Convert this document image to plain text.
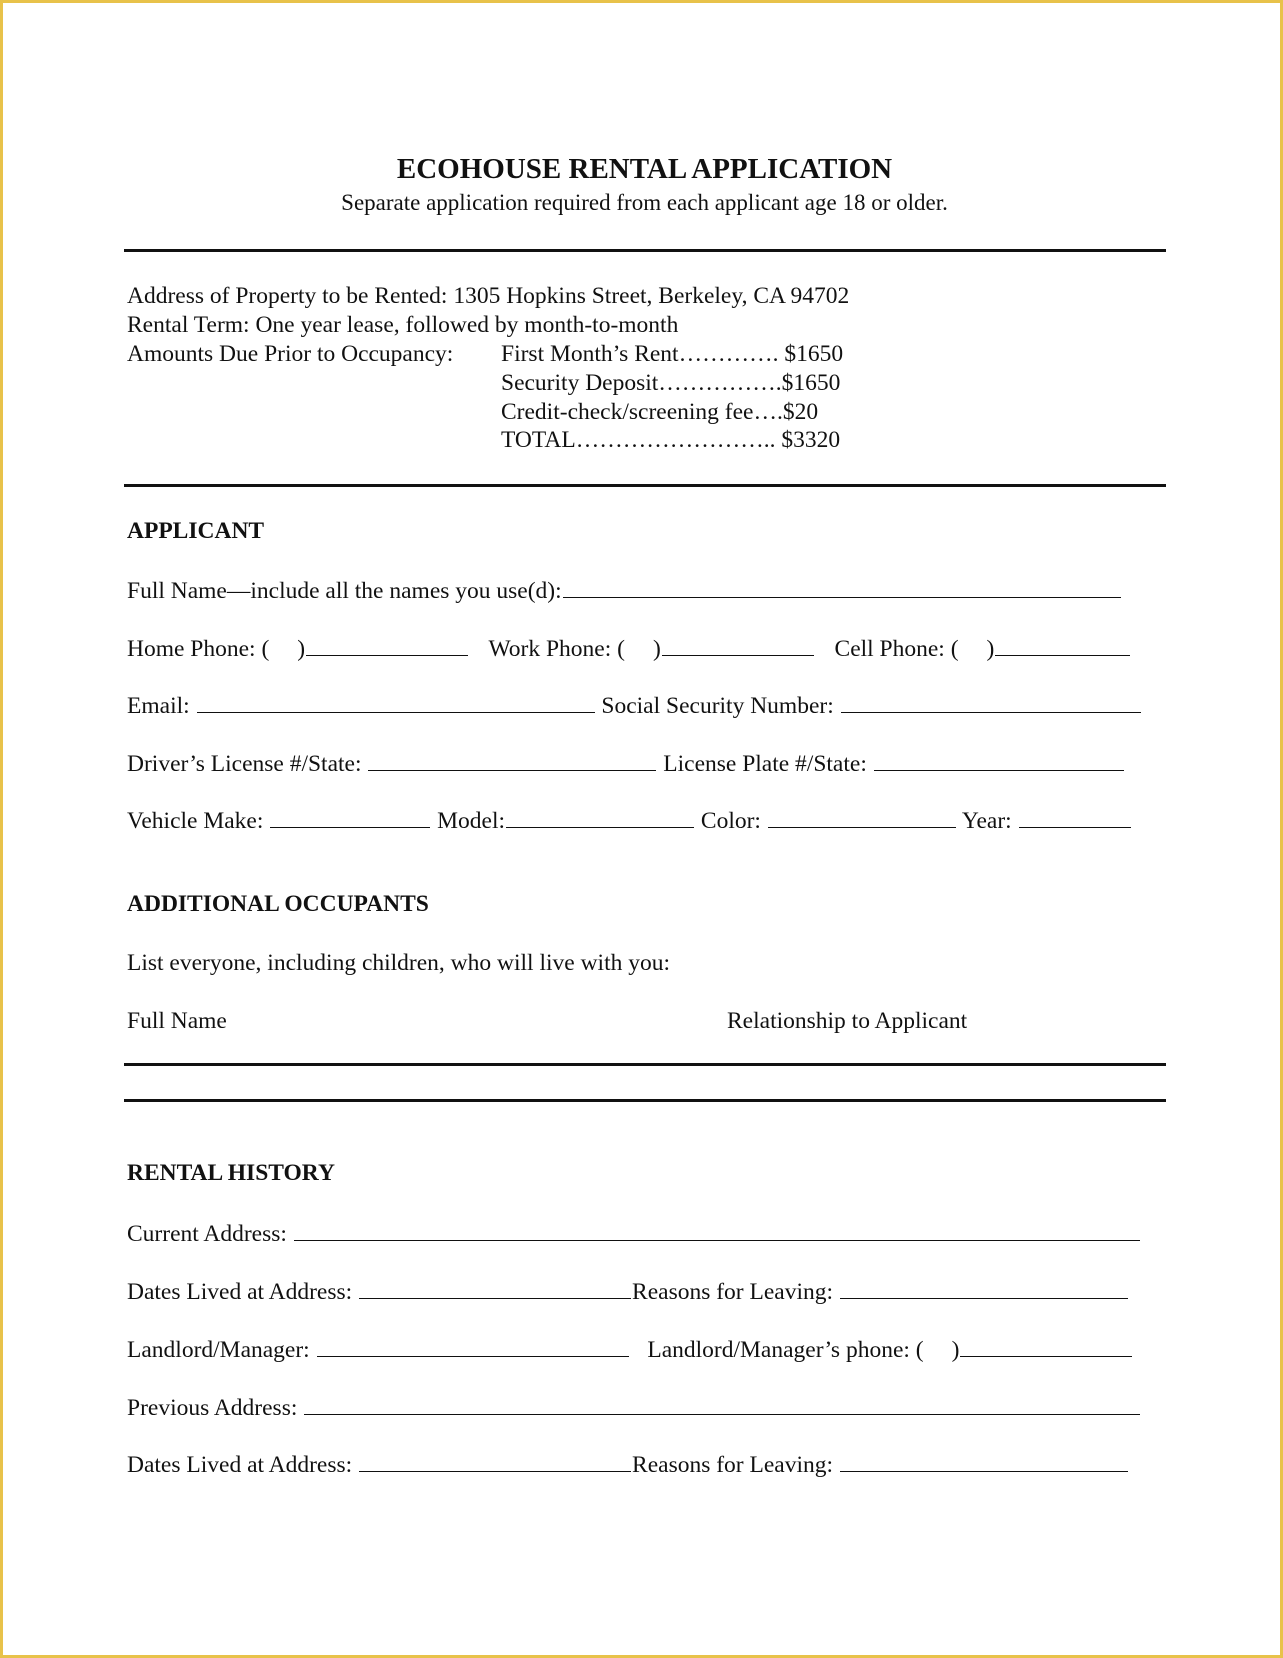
ECOHOUSE RENTAL APPLICATION
Separate application required from each applicant age 18 or older.
Address of Property to be Rented: 1305 Hopkins Street, Berkeley, CA 94702
Rental Term: One year lease, followed by month-to-month
Amounts Due Prior to Occupancy: First Month’s Rent…………. $1650
Security Deposit…………….$1650
Credit-check/screening fee….$20
TOTAL…………………….. $3320
APPLICANT
Full Name—include all the names you use(d):
Home Phone: ( )	Work Phone: ( )	Cell Phone: ( )
Email:	Social Security Number:
Driver’s License #/State:	License Plate #/State:
Vehicle Make:	Model:	Color:	Year:
ADDITIONAL OCCUPANTS
List everyone, including children, who will live with you:
Full Name	Relationship to Applicant
RENTAL HISTORY
Current Address:
Dates Lived at Address:	Reasons for Leaving:
Landlord/Manager:	Landlord/Manager’s phone: ( )
Previous Address:
Dates Lived at Address:	Reasons for Leaving:
